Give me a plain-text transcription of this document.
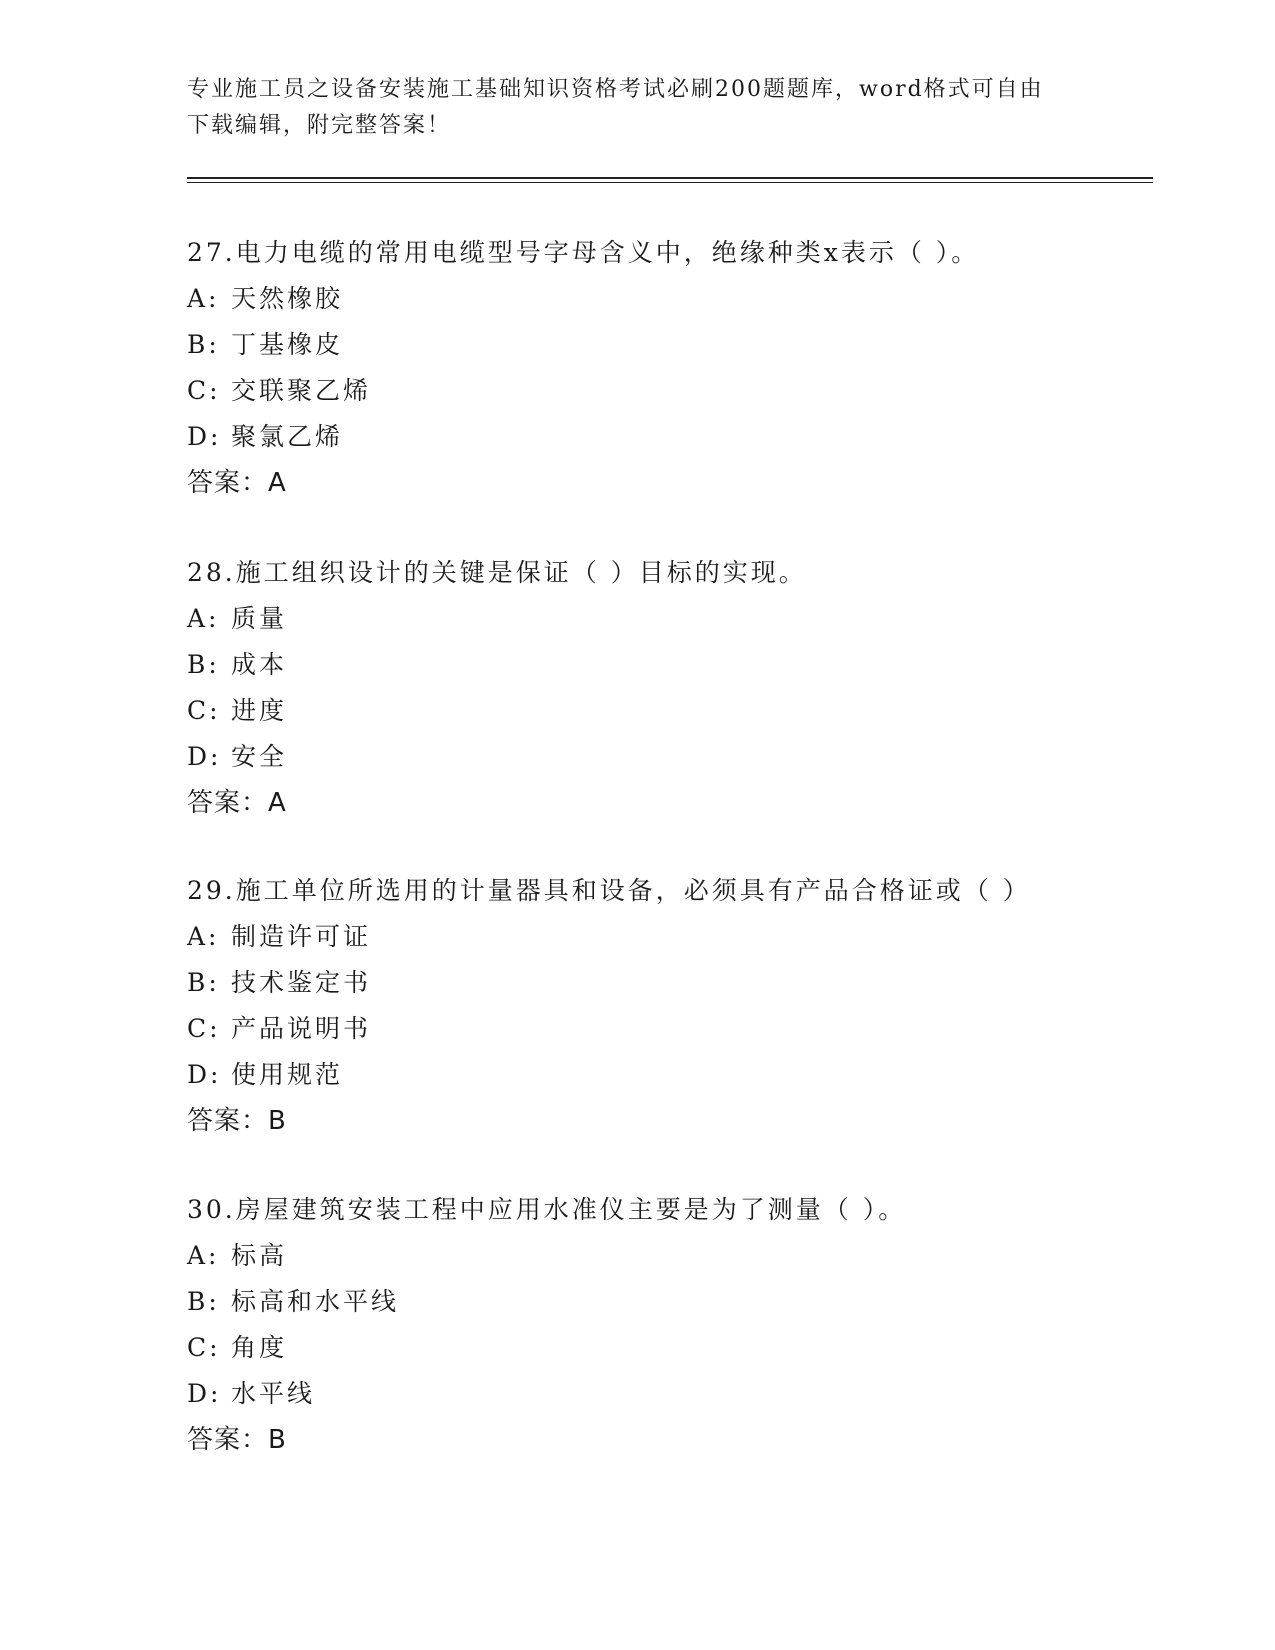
专业施工员之设备安装施工基础知识资格考试必刷200题题库，word格式可自由
下载编辑，附完整答案！
27.电力电缆的常用电缆型号字母含义中，绝缘种类x表示（ ）。
A: 天然橡胶
B: 丁基橡皮
C: 交联聚乙烯
D: 聚氯乙烯
答案：A
28.施工组织设计的关键是保证（ ）目标的实现。
A: 质量
B: 成本
C: 进度
D: 安全
答案：A
29.施工单位所选用的计量器具和设备，必须具有产品合格证或（ ）
A: 制造许可证
B: 技术鉴定书
C: 产品说明书
D: 使用规范
答案：B
30.房屋建筑安装工程中应用水准仪主要是为了测量（ ）。
A: 标高
B: 标高和水平线
C: 角度
D: 水平线
答案：B
